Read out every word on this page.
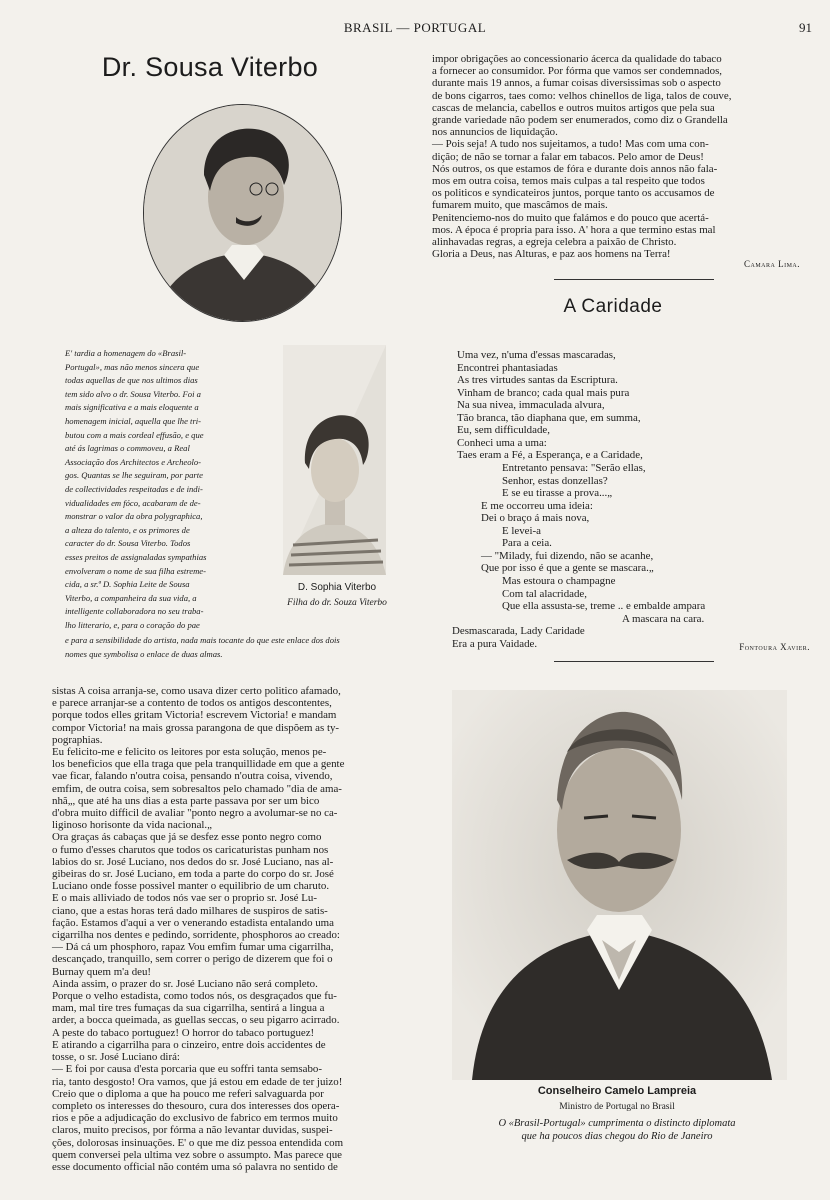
BRASIL — PORTUGAL	91
Dr. Sousa Viterbo
E' tardia a homenagem do «Brasil-
Portugal», mas não menos sincera que
todas aquellas de que nos ultimos dias
tem sido alvo o dr. Sousa Viterbo. Foi a
mais significativa e a mais eloquente a
homenagem inicial, aquella que lhe tri-
butou com a mais cordeal effusão, e que
até ás lagrimas o commoveu, a Real
Associação dos Architectos e Archeolo-
gos. Quantas se lhe seguiram, por parte
de collectividades respeitadas e de indi-
vidualidades em fóco, acabaram de de-
monstrar o valor da obra polygraphica,
a altezа do talento, e os primores de
caracter do dr. Sousa Viterbo. Todos
esses preitos de assignaladas sympathias
envolveram o nome de sua filha estreme-
cida, a sr.ª D. Sophia Leite de Sousa
Viterbo, a companheira da sua vida, a
intelligente collaboradora no seu traba-
lho litterario, e, para o coração do pae
e para a sensibilidade do artista, nada mais tocante do que este enlace dos dois
nomes que symbolisa o enlace de duas almas.
D. Sophia Viterbo
Filha do dr. Souza Viterbo
impor obrigações ao concessionario ácerca da qualidade do tabaco
a fornecer ao consumidor. Por fórma que vamos ser condemnados,
durante mais 19 annos, a fumar coisas diversissimas sob o aspecto
de bons cigarros, taes como: velhos chinellos de liga, talos de couve,
cascas de melancia, cabellos e outros muitos artigos que pela sua
grande variedade não podem ser enumerados, como diz o Grandella
nos annuncios de liquidação.
— Pois seja! A tudo nos sujeitamos, a tudo! Mas com uma con-
dição; de não se tornar a falar em tabacos. Pelo amor de Deus!
Nós outros, os que estamos de fóra e durante dois annos não fala-
mos em outra coisa, temos mais culpas a tal respeito que todos
os politicos e syndicateiros juntos, porque tanto os accusamos de
fumarem muito, que mascâmos de mais.
Penitenciemo-nos do muito que falámos e do pouco que acertá-
mos. A época é propria para isso. A' hora a que termino estas mal
alinhavadas regras, a egreja celebra a paixão de Christo.
Gloria a Deus, nas Alturas, e paz aos homens na Terra!
Camara Lima.
A Caridade
Uma vez, n'uma d'essas mascaradas,
Encontrei phantasiadas
As tres virtudes santas da Escriptura.
Vinham de branco; cada qual mais pura
Na sua nivea, immaculada alvura,
Tão branca, tão diaphana que, em summa,
Eu, sem difficuldade,
Conheci uma a uma:
Taes eram a Fé, a Esperança, e a Caridade,
Entretanto pensava: "Serão ellas,
Senhor, estas donzellas?
E se eu tirasse a prova...„
E me occorreu uma ideia:
Dei o braço á mais nova,
E levei-a
Para a ceia.
— "Milady, fui dizendo, não se acanhe,
Que por isso é que a gente se mascara.„
Mas estoura o champagne
Com tal alacridade,
Que ella assusta-se, treme .. e embalde ampara
A mascara na cara.
Desmascarada, Lady Caridade
Era a pura Vaidade.	Fontoura Xavier.
sistas A coisa arranja-se, como usava dizer certo politico afamado,
e parece arranjar-se a contento de todos os antigos descontentes,
porque todos elles gritam Victoria! escrevem Victoria! e mandam
compor Victoria! na mais grossa parangona de que dispõem as ty-
pographias.
Eu felicito-me e felicito os leitores por esta solução, menos pe-
los beneficios que ella traga que pela tranquillidade em que a gente
vae ficar, falando n'outra coisa, pensando n'outra coisa, vivendo,
emfim, de outra coisa, sem sobresaltos pelo chamado "dia de ama-
nhã„, que até ha uns dias a esta parte passava por ser um bico
d'obra muito difficil de avaliar "ponto negro a avolumar-se no ca-
liginoso horisonte da vida nacional.„
Ora graças ás cabaças que já se desfez esse ponto negro como
o fumo d'esses charutos que todos os caricaturistas punham nos
labios do sr. José Luciano, nos dedos do sr. José Luciano, nas al-
gibeiras do sr. José Luciano, em toda a parte do corpo do sr. José
Luciano onde fosse possivel manter o equilibrio de um charuto.
E o mais alliviado de todos nós vae ser o proprio sr. José Lu-
ciano, que a estas horas terá dado milhares de suspiros de satis-
fação. Estamos d'aqui a ver o venerando estadista entalando uma
cigarrilha nos dentes e pedindo, sorridente, phosphoros ao creado:
— Dá cá um phosphoro, rapaz Vou emfim fumar uma cigarrilha,
descançado, tranquillo, sem correr o perigo de dizerem que foi o
Burnay quem m'a deu!
Ainda assim, o prazer do sr. José Luciano não será completo.
Porque o velho estadista, como todos nós, os desgraçados que fu-
mam, mal tire tres fumaças da sua cigarrilha, sentirá a lingua a
arder, a bocca queimada, as guellas seccas, o seu pigarro acirrado.
A peste do tabaco portuguez! O horror do tabaco portuguez!
E atirando a cigarrilha para o cinzeiro, entre dois accidentes de
tosse, o sr. José Luciano dirá:
— E foi por causa d'esta porcaria que eu soffri tanta semsabo-
ria, tanto desgosto! Ora vamos, que já estou em edade de ter juizo!
Creio que o diploma a que ha pouco me referi salvaguarda por
completo os interesses do thesouro, cura dos interesses dos opera-
rios e põe a adjudicação do exclusivo de fabrico em termos muito
claros, muito precisos, por fórma a não levantar duvidas, suspei-
ções, dolorosas insinuações. E' o que me diz pessoa entendida com
quem conversei pela ultima vez sobre o assumpto. Mas parece que
esse documento official não contém uma só palavra no sentido de
Conselheiro Camelo Lampreia
Ministro de Portugal no Brasil
O «Brasil-Portugal» cumprimenta o distincto diplomata
que ha poucos dias chegou do Rio de Janeiro
